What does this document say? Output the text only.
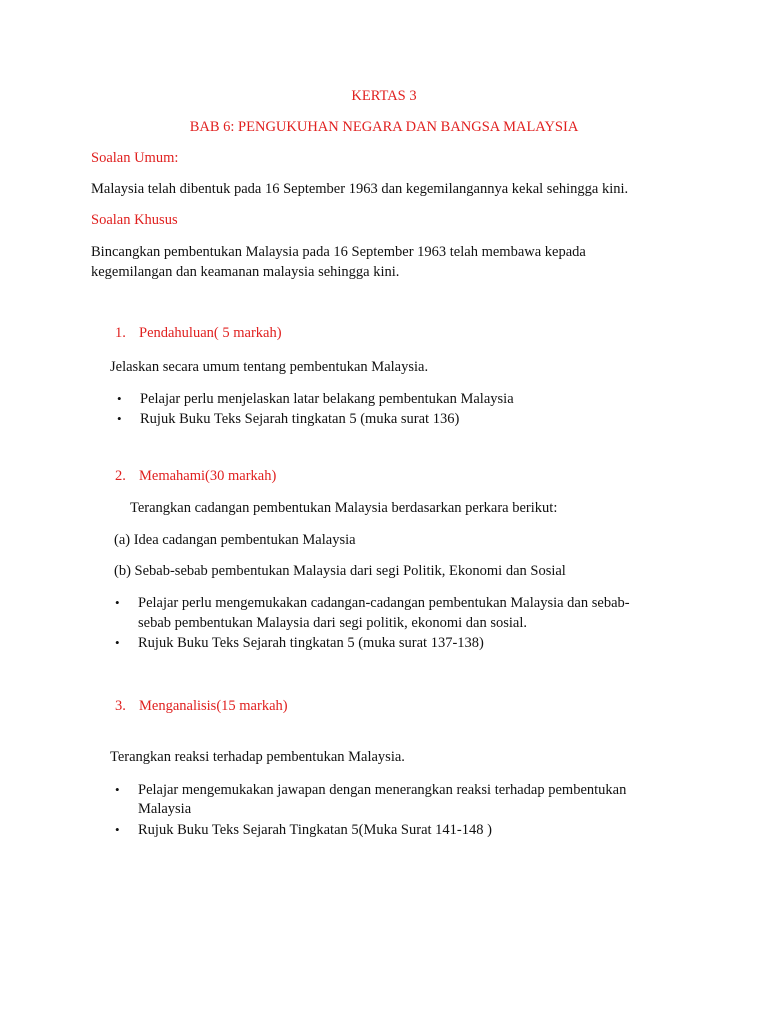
KERTAS 3
BAB 6: PENGUKUHAN NEGARA DAN BANGSA MALAYSIA
Soalan Umum:
Malaysia telah dibentuk pada 16 September 1963 dan kegemilangannya kekal sehingga kini.
Soalan Khusus
Bincangkan pembentukan Malaysia pada 16 September 1963 telah membawa kepada
kegemilangan dan keamanan malaysia sehingga kini.
1. Pendahuluan( 5 markah)
Jelaskan secara umum tentang pembentukan Malaysia.
• Pelajar perlu menjelaskan latar belakang pembentukan Malaysia
• Rujuk Buku Teks Sejarah tingkatan 5 (muka surat 136)
2. Memahami(30 markah)
Terangkan cadangan pembentukan Malaysia berdasarkan perkara berikut:
(a) Idea cadangan pembentukan Malaysia
(b) Sebab-sebab pembentukan Malaysia dari segi Politik, Ekonomi dan Sosial
• Pelajar perlu mengemukakan cadangan-cadangan pembentukan Malaysia dan sebab-
sebab pembentukan Malaysia dari segi politik, ekonomi dan sosial.
• Rujuk Buku Teks Sejarah tingkatan 5 (muka surat 137-138)
3. Menganalisis(15 markah)
Terangkan reaksi terhadap pembentukan Malaysia.
• Pelajar mengemukakan jawapan dengan menerangkan reaksi terhadap pembentukan
Malaysia
• Rujuk Buku Teks Sejarah Tingkatan 5(Muka Surat 141-148 )
